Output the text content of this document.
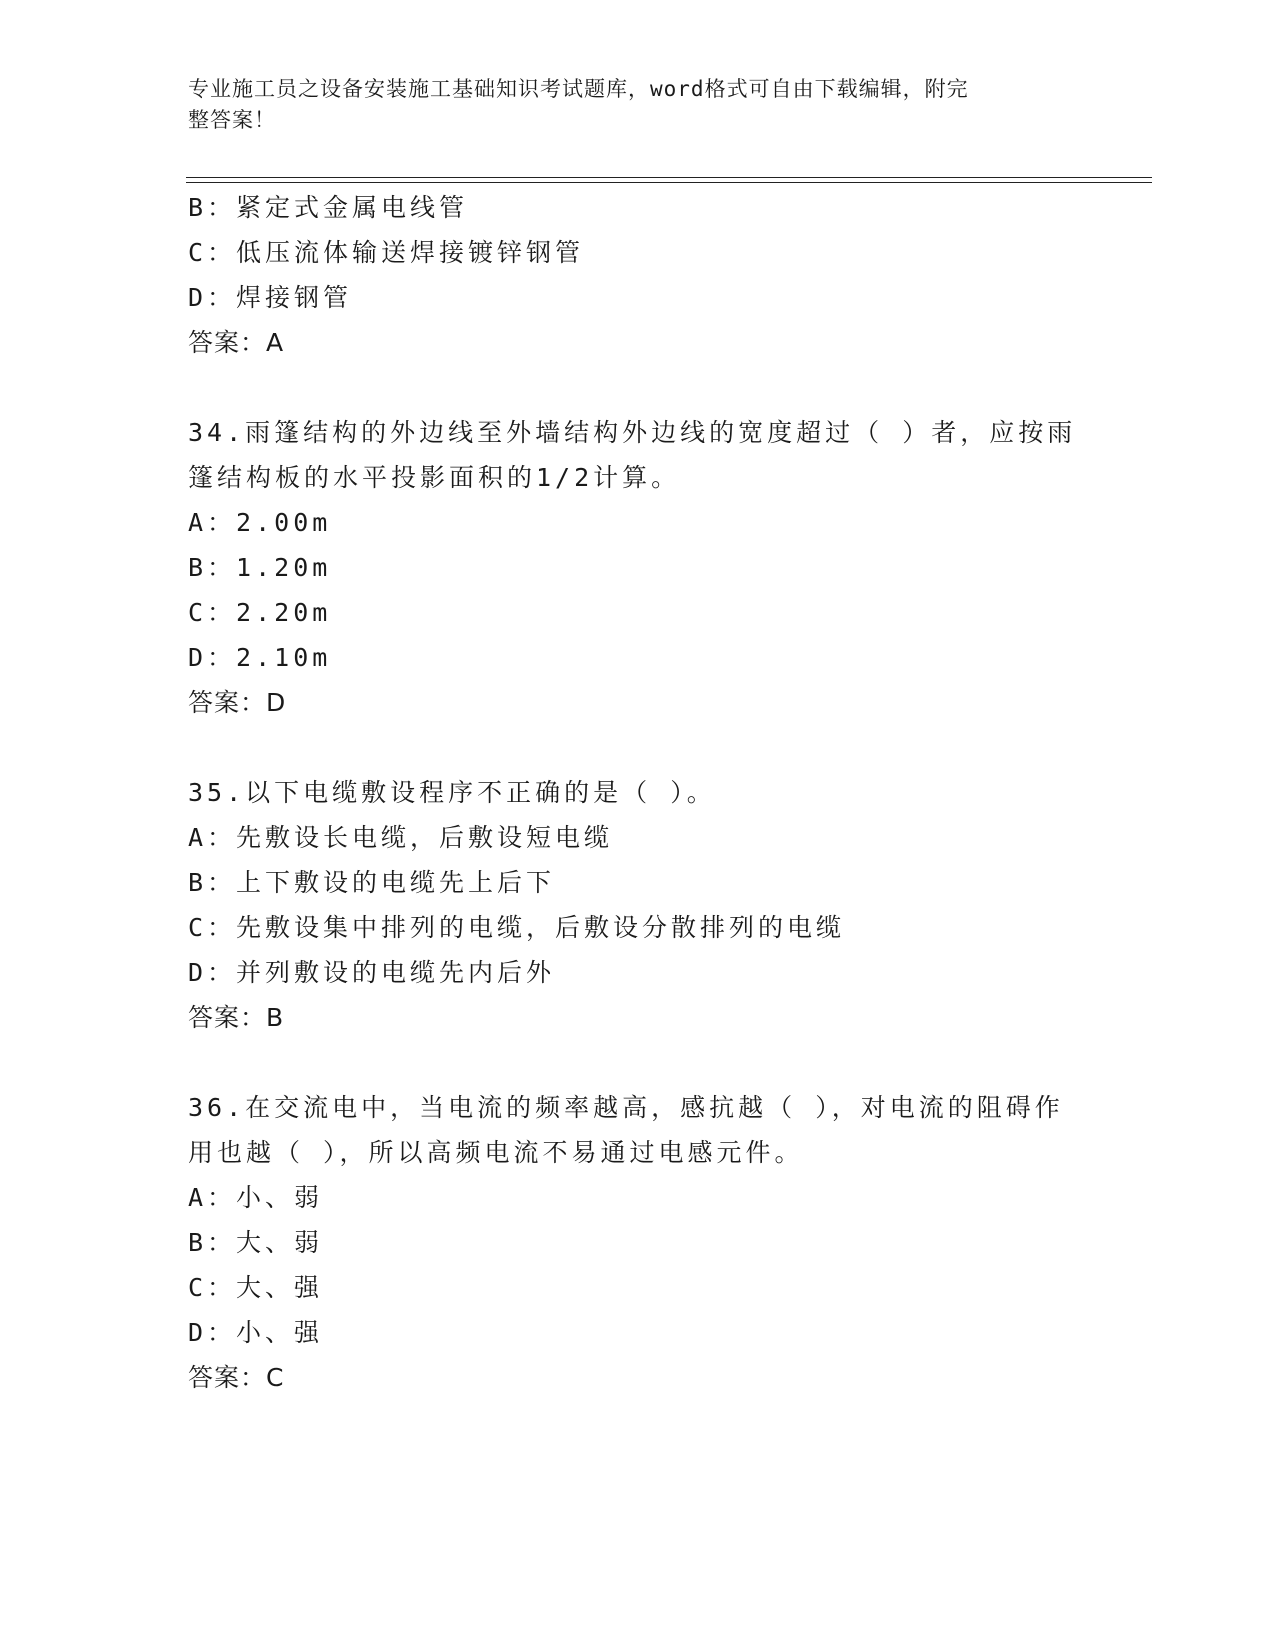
专业施工员之设备安装施工基础知识考试题库，word格式可自由下载编辑，附完
整答案！
B：紧定式金属电线管
C：低压流体输送焊接镀锌钢管
D：焊接钢管
答案：A
34.雨篷结构的外边线至外墙结构外边线的宽度超过（ ）者，应按雨
篷结构板的水平投影面积的1/2计算。
A：2.00m
B：1.20m
C：2.20m
D：2.10m
答案：D
35.以下电缆敷设程序不正确的是（ ）。
A：先敷设长电缆，后敷设短电缆
B：上下敷设的电缆先上后下
C：先敷设集中排列的电缆，后敷设分散排列的电缆
D：并列敷设的电缆先内后外
答案：B
36.在交流电中，当电流的频率越高，感抗越（ ），对电流的阻碍作
用也越（ ），所以高频电流不易通过电感元件。
A：小、弱
B：大、弱
C：大、强
D：小、强
答案：C
